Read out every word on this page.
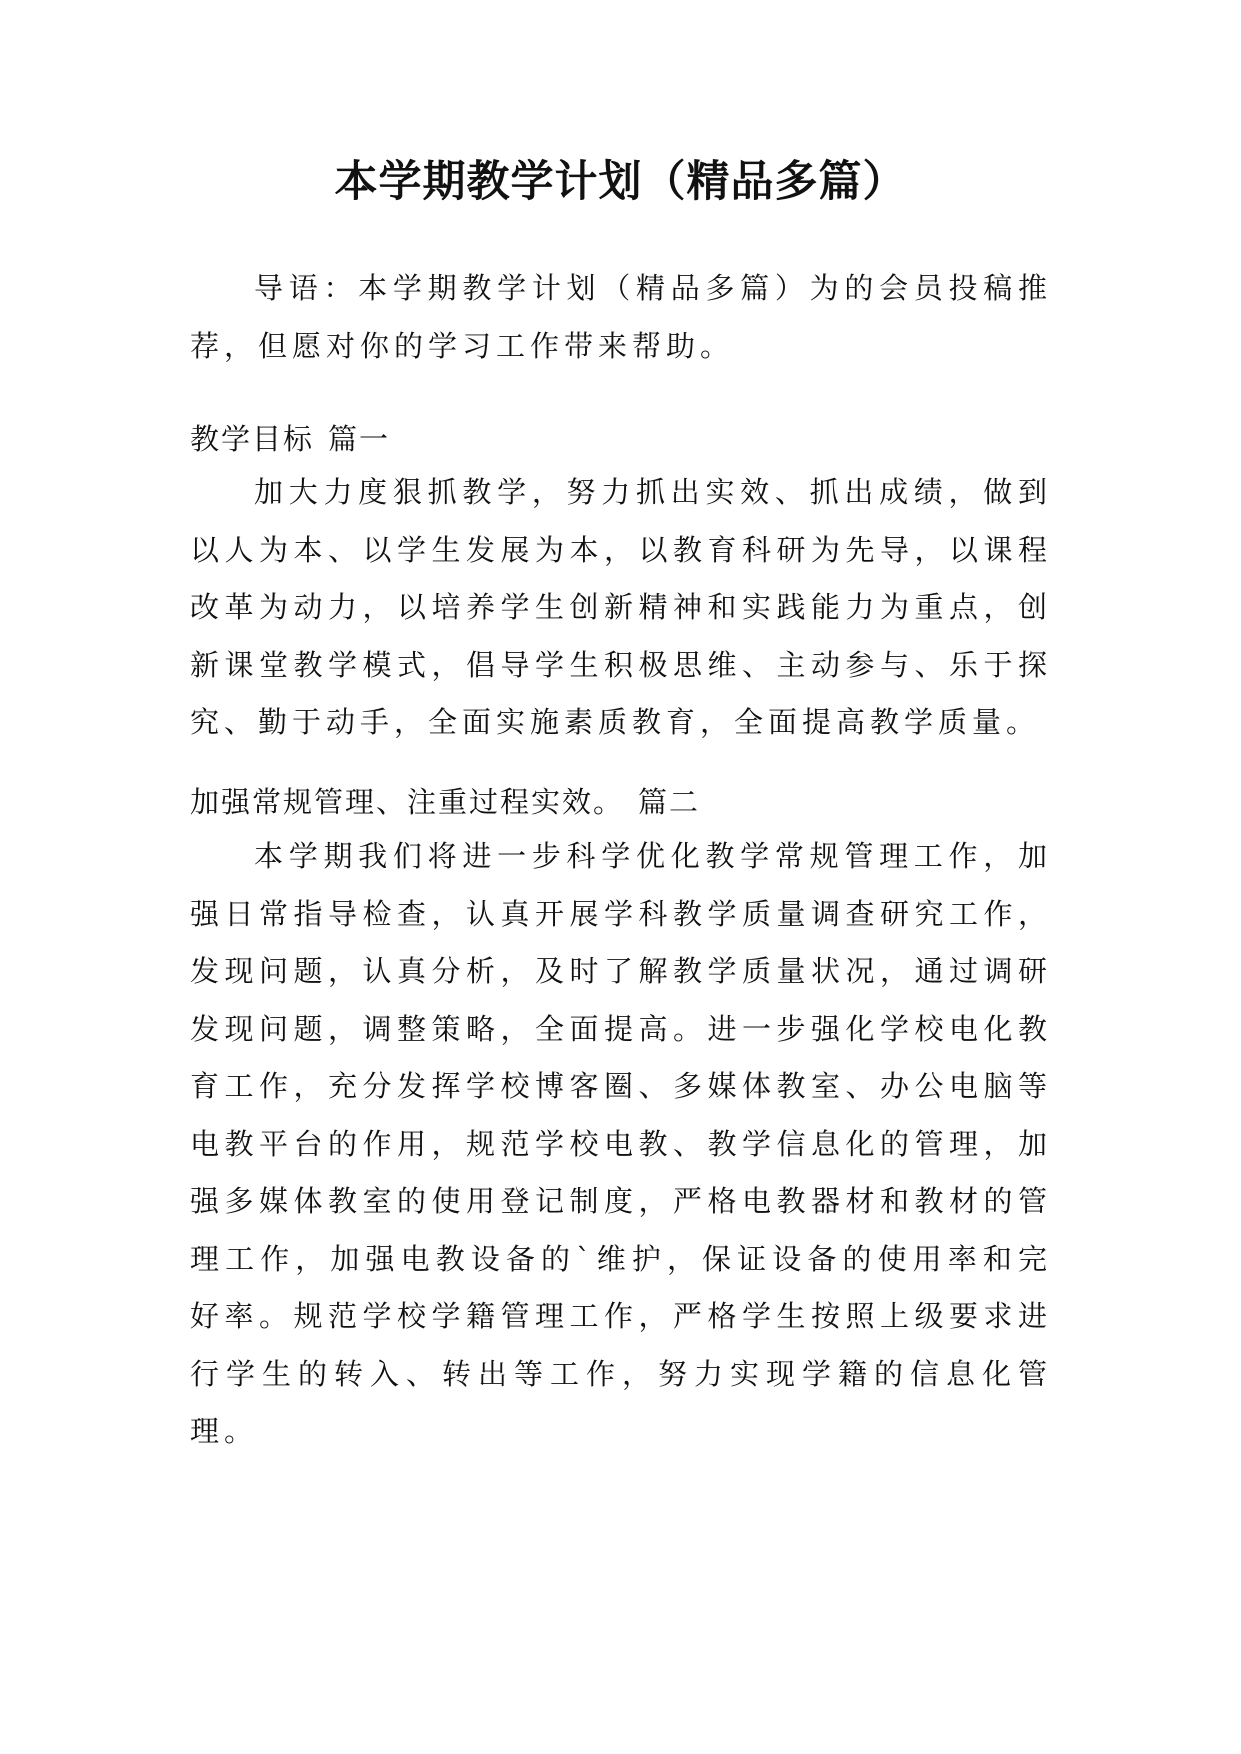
本学期教学计划（精品多篇）

导语：本学期教学计划（精品多篇）为的会员投稿推荐，但愿对你的学习工作带来帮助。

教学目标 篇一

加大力度狠抓教学，努力抓出实效、抓出成绩，做到以人为本、以学生发展为本，以教育科研为先导，以课程改革为动力，以培养学生创新精神和实践能力为重点，创新课堂教学模式，倡导学生积极思维、主动参与、乐于探究、勤于动手，全面实施素质教育，全面提高教学质量。

加强常规管理、注重过程实效。 篇二

本学期我们将进一步科学优化教学常规管理工作，加强日常指导检查，认真开展学科教学质量调查研究工作，发现问题，认真分析，及时了解教学质量状况，通过调研发现问题，调整策略，全面提高。进一步强化学校电化教育工作，充分发挥学校博客圈、多媒体教室、办公电脑等电教平台的作用，规范学校电教、教学信息化的管理，加强多媒体教室的使用登记制度，严格电教器材和教材的管理工作，加强电教设备的`维护，保证设备的使用率和完好率。规范学校学籍管理工作，严格学生按照上级要求进行学生的转入、转出等工作，努力实现学籍的信息化管理。
